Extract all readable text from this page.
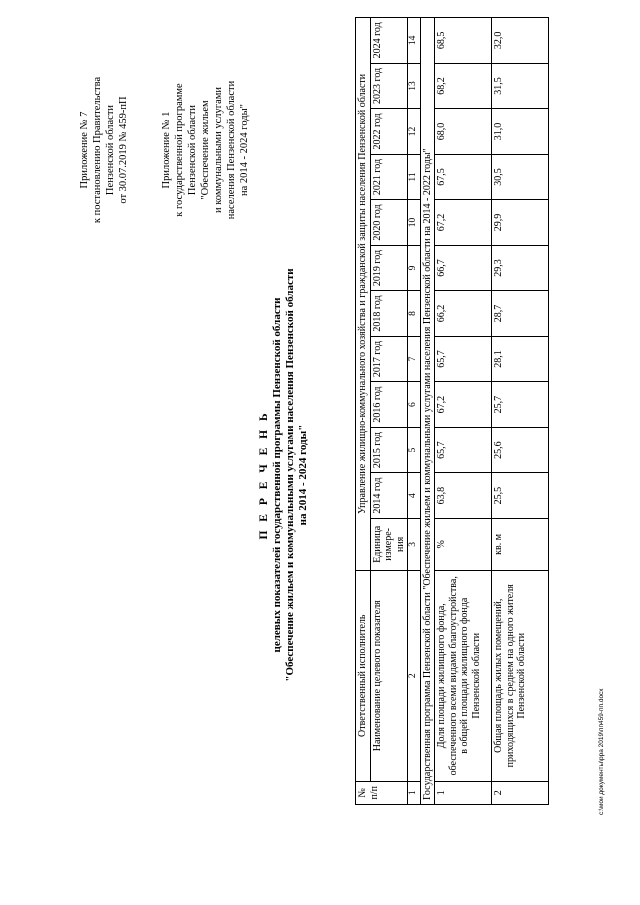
Приложение № 7 к постановлению Правительства Пензенской области от 30.07.2019 № 459-пП	Приложение № 1 к государственной программе Пензенской области "Обеспечение жильем и коммунальными услугами населения Пензенской области на 2014 - 2024 годы"
П Е Р Е Ч Е Н Ь целевых показателей государственной программы Пензенской области "Обеспечение жильем и коммунальными услугами населения Пензенской области на 2014 - 2024 годы"
№ п/п	Ответственный исполнитель	Управление жилищно-коммунального хозяйства и гражданской защиты населения Пензенской области											
	Наименование целевого показателя	Единица измере-ния	2014 год	2015 год	2016 год	2017 год	2018 год	2019 год	2020 год	2021 год	2022 год	2023 год	2024 год
1	2	3	4	5	6	7	8	9	10	11	12	13	14
Государственная программа Пензенской области "Обеспечение жильем и коммунальными услугами населения Пензенской области на 2014 - 2022 годы"													
1	Доля площади жилищного фонда, обеспеченного всеми видами благоустройства, в общей площади жилищного фонда Пензенской области	%	63,8	65,7	67,2	65,7	66,2	66,7	67,2	67,5	68,0	68,2	68,5
2	Общая площадь жилых помещений, приходящихся в среднем на одного жителя Пензенской области	кв. м	25,5	25,6	25,7	28,1	28,7	29,3	29,9	30,5	31,0	31,5	32,0
c:\мои документы\ppa 2019\пп459-пп.docx
